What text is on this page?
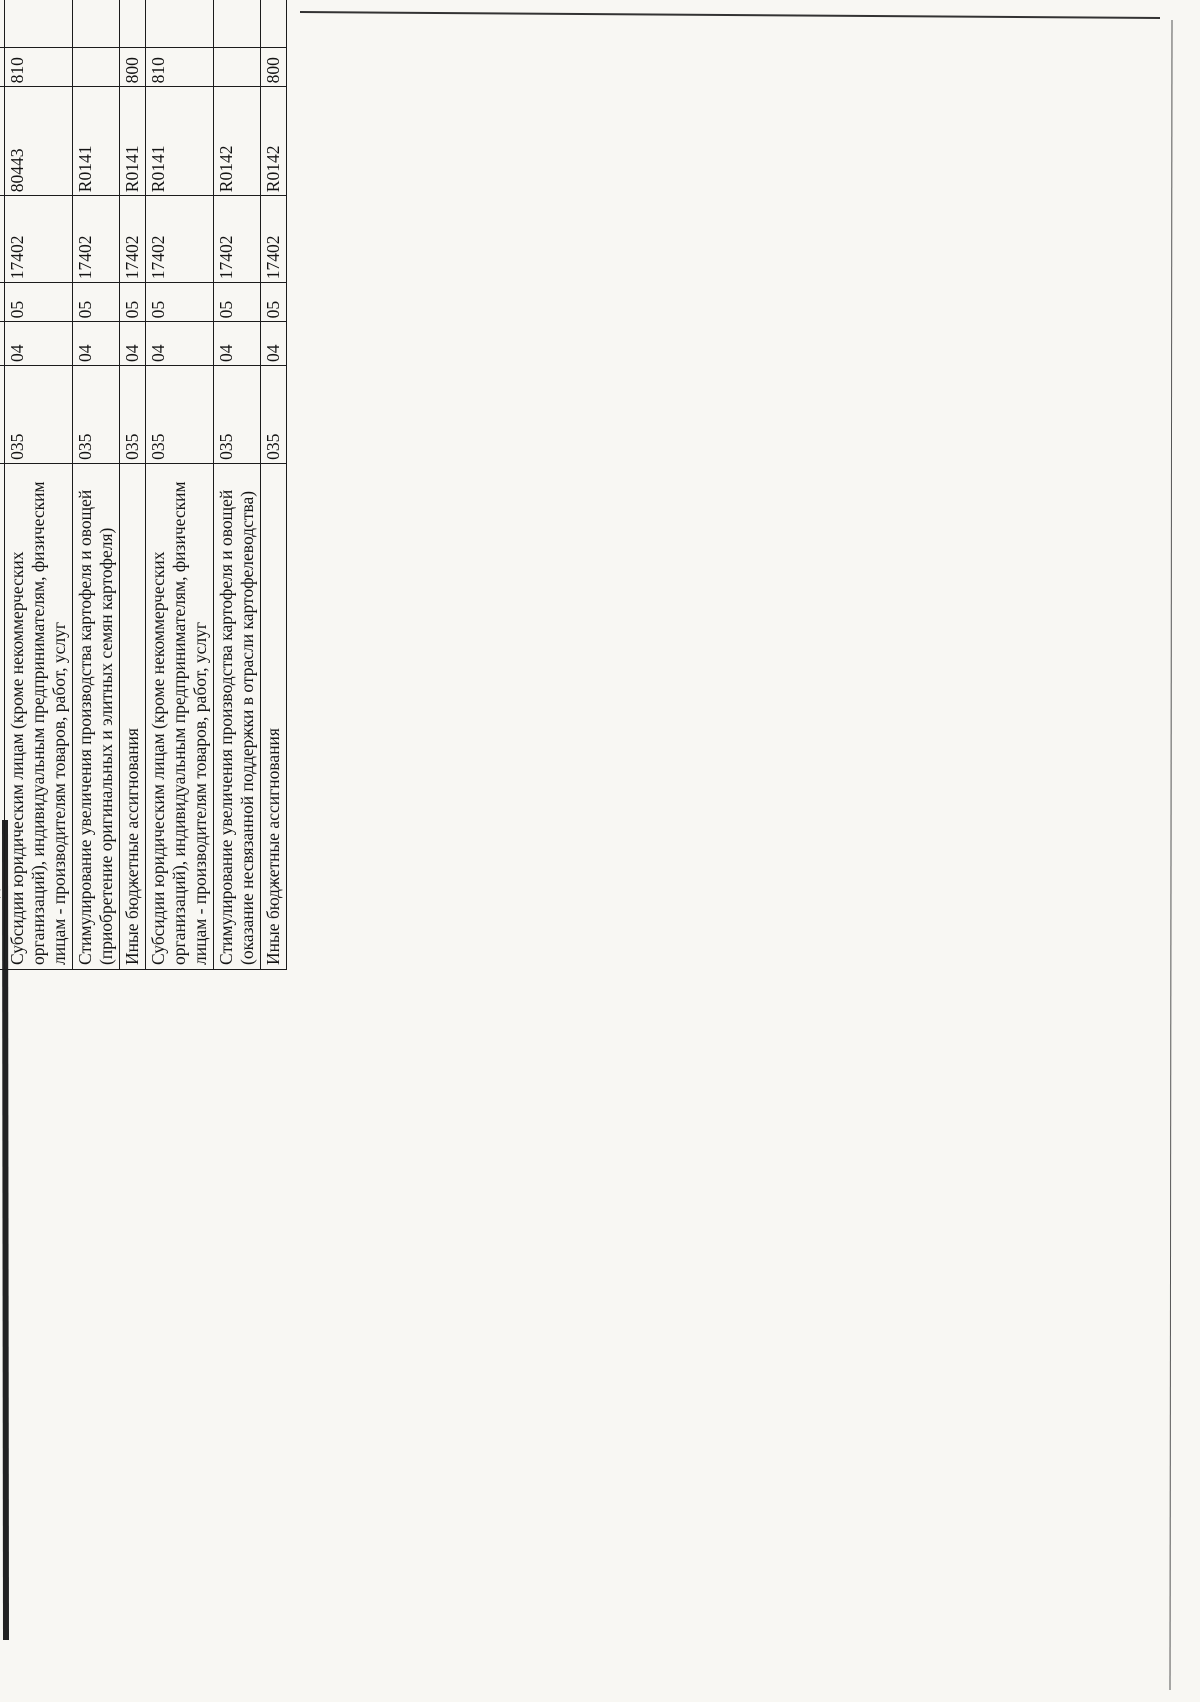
Субсидии юридическим лицам (кроме некоммерческих организаций), индивидуальным предпринимателям, физическим лицам - производителям товаров, работ, услуг	035	04	05	17402	80443	810			
Стимулирование увеличения производства картофеля и овощей (приобретение оригинальных и элитных семян картофеля)	035	04	05	17402	R0141				
Иные бюджетные ассигнования	035	04	05	17402	R0141	800			
Субсидии юридическим лицам (кроме некоммерческих организаций), индивидуальным предпринимателям, физическим лицам - производителям товаров, работ, услуг	035	04	05	17402	R0141	810			
Стимулирование увеличения производства картофеля и овощей (оказание несвязанной поддержки в отрасли картофелеводства)	035	04	05	17402	R0142				
Иные бюджетные ассигнования	035	04	05	17402	R0142	800			
